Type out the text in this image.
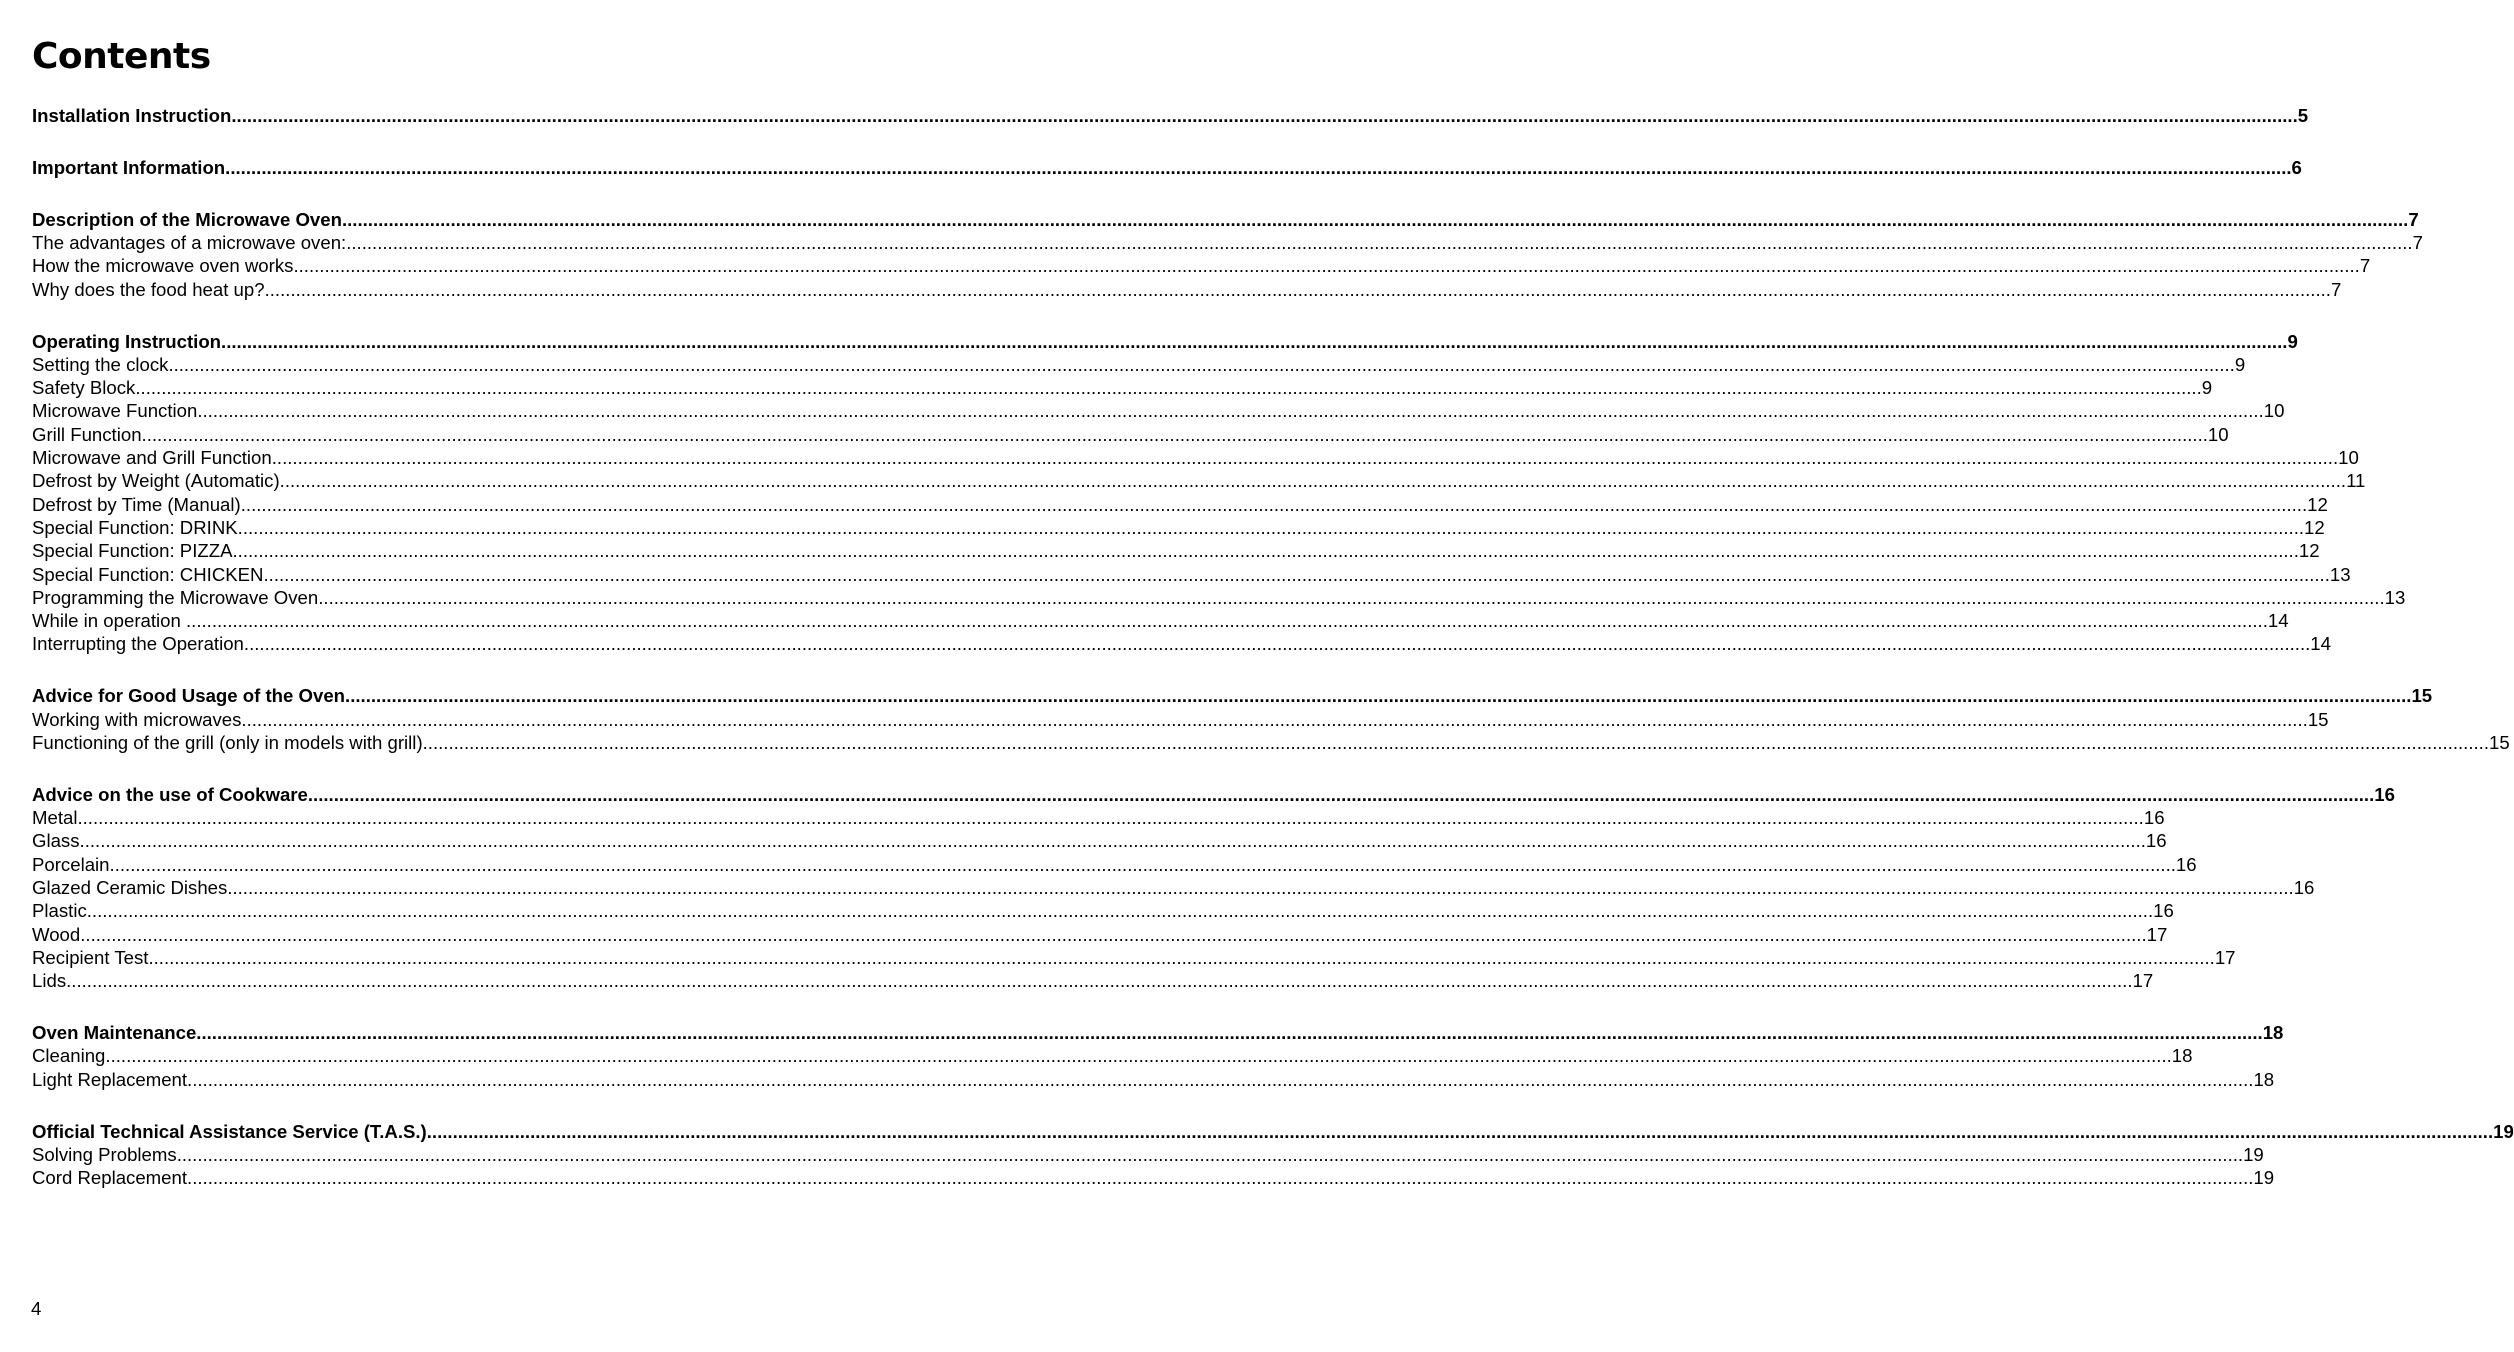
Contents
Installation Instruction ................................................................................................................................................................................................................................................................................................................................................................................................................ 5
Important Information ................................................................................................................................................................................................................................................................................................................................................................................................................ 6
Description of the Microwave Oven ................................................................................................................................................................................................................................................................................................................................................................................................................ 7
The advantages of a microwave oven: ................................................................................................................................................................................................................................................................................................................................................................................................................ 7
How the microwave oven works ................................................................................................................................................................................................................................................................................................................................................................................................................ 7
Why does the food heat up? ................................................................................................................................................................................................................................................................................................................................................................................................................ 7
Operating Instruction ................................................................................................................................................................................................................................................................................................................................................................................................................ 9
Setting the clock ................................................................................................................................................................................................................................................................................................................................................................................................................ 9
Safety Block ................................................................................................................................................................................................................................................................................................................................................................................................................ 9
Microwave Function ................................................................................................................................................................................................................................................................................................................................................................................................................ 10
Grill Function ................................................................................................................................................................................................................................................................................................................................................................................................................ 10
Microwave and Grill Function ................................................................................................................................................................................................................................................................................................................................................................................................................ 10
Defrost by Weight (Automatic) ................................................................................................................................................................................................................................................................................................................................................................................................................ 11
Defrost by Time (Manual) ................................................................................................................................................................................................................................................................................................................................................................................................................ 12
Special Function: DRINK ................................................................................................................................................................................................................................................................................................................................................................................................................ 12
Special Function: PIZZA ................................................................................................................................................................................................................................................................................................................................................................................................................ 12
Special Function: CHICKEN ................................................................................................................................................................................................................................................................................................................................................................................................................ 13
Programming the Microwave Oven ................................................................................................................................................................................................................................................................................................................................................................................................................ 13
While in operation ... ................................................................................................................................................................................................................................................................................................................................................................................................................ 14
Interrupting the Operation ................................................................................................................................................................................................................................................................................................................................................................................................................ 14
Advice for Good Usage of the Oven ................................................................................................................................................................................................................................................................................................................................................................................................................ 15
Working with microwaves ................................................................................................................................................................................................................................................................................................................................................................................................................ 15
Functioning of the grill (only in models with grill) ................................................................................................................................................................................................................................................................................................................................................................................................................ 15
Advice on the use of Cookware ................................................................................................................................................................................................................................................................................................................................................................................................................ 16
Metal ................................................................................................................................................................................................................................................................................................................................................................................................................ 16
Glass ................................................................................................................................................................................................................................................................................................................................................................................................................ 16
Porcelain ................................................................................................................................................................................................................................................................................................................................................................................................................ 16
Glazed Ceramic Dishes ................................................................................................................................................................................................................................................................................................................................................................................................................ 16
Plastic ................................................................................................................................................................................................................................................................................................................................................................................................................ 16
Wood ................................................................................................................................................................................................................................................................................................................................................................................................................ 17
Recipient Test ................................................................................................................................................................................................................................................................................................................................................................................................................ 17
Lids ................................................................................................................................................................................................................................................................................................................................................................................................................ 17
Oven Maintenance ................................................................................................................................................................................................................................................................................................................................................................................................................ 18
Cleaning ................................................................................................................................................................................................................................................................................................................................................................................................................ 18
Light Replacement ................................................................................................................................................................................................................................................................................................................................................................................................................ 18
Official Technical Assistance Service (T.A.S.) ................................................................................................................................................................................................................................................................................................................................................................................................................ 19
Solving Problems ................................................................................................................................................................................................................................................................................................................................................................................................................ 19
Cord Replacement ................................................................................................................................................................................................................................................................................................................................................................................................................ 19
4
